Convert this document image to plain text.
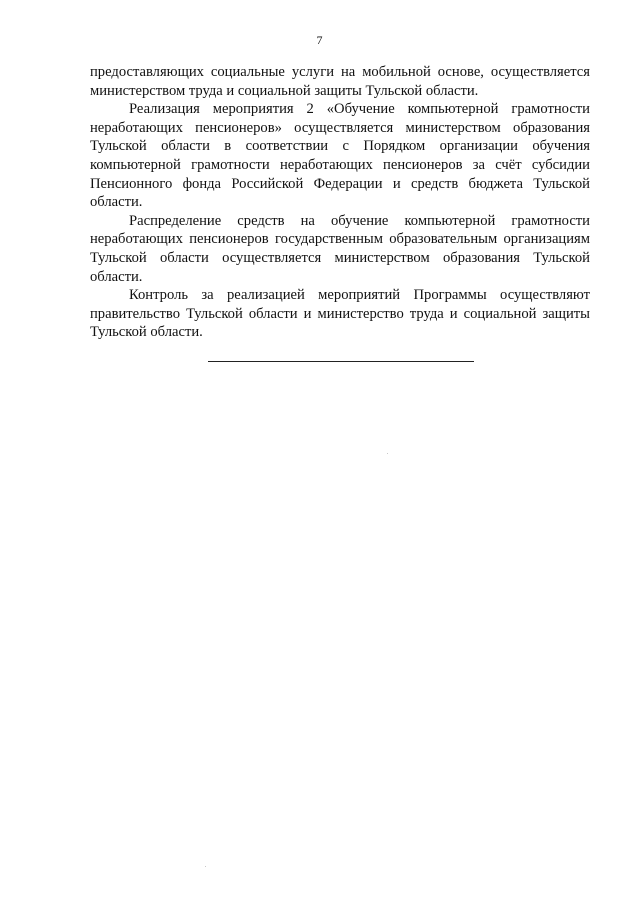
7

предоставляющих социальные услуги на мобильной основе, осуществляется министерством труда и социальной защиты Тульской области.

Реализация мероприятия 2 «Обучение компьютерной грамотности неработающих пенсионеров» осуществляется министерством образования Тульской области в соответствии с Порядком организации обучения компьютерной грамотности неработающих пенсионеров за счёт субсидии Пенсионного фонда Российской Федерации и средств бюджета Тульской области.

Распределение средств на обучение компьютерной грамотности неработающих пенсионеров государственным образовательным организациям Тульской области осуществляется министерством образования Тульской области.

Контроль за реализацией мероприятий Программы осуществляют правительство Тульской области и министерство труда и социальной защиты Тульской области.
